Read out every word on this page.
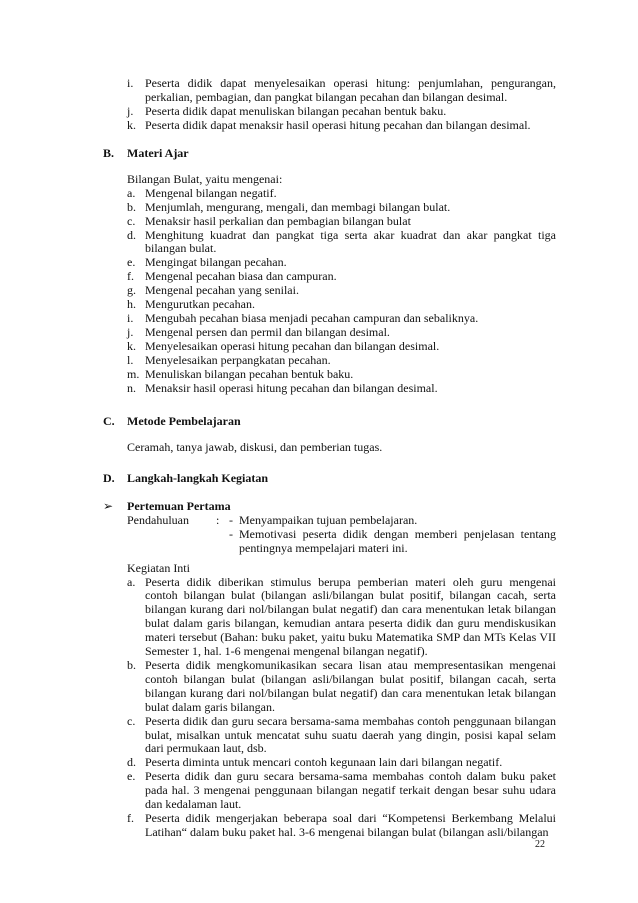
i. Peserta didik dapat menyelesaikan operasi hitung: penjumlahan, pengurangan, perkalian, pembagian, dan pangkat bilangan pecahan dan bilangan desimal.
j. Peserta didik dapat menuliskan bilangan pecahan bentuk baku.
k. Peserta didik dapat menaksir hasil operasi hitung pecahan dan bilangan desimal.
B. Materi Ajar
Bilangan Bulat, yaitu mengenai:
a. Mengenal bilangan negatif.
b. Menjumlah, mengurang, mengali, dan membagi bilangan bulat.
c. Menaksir hasil perkalian dan pembagian bilangan bulat
d. Menghitung kuadrat dan pangkat tiga serta akar kuadrat dan akar pangkat tiga bilangan bulat.
e. Mengingat bilangan pecahan.
f. Mengenal pecahan biasa dan campuran.
g. Mengenal pecahan yang senilai.
h. Mengurutkan pecahan.
i. Mengubah pecahan biasa menjadi pecahan campuran dan sebaliknya.
j. Mengenal persen dan permil dan bilangan desimal.
k. Menyelesaikan operasi hitung pecahan dan bilangan desimal.
l. Menyelesaikan perpangkatan pecahan.
m. Menuliskan bilangan pecahan bentuk baku.
n. Menaksir hasil operasi hitung pecahan dan bilangan desimal.
C. Metode Pembelajaran
Ceramah, tanya jawab, diskusi, dan pemberian tugas.
D. Langkah-langkah Kegiatan
➢ Pertemuan Pertama
Pendahuluan : - Menyampaikan tujuan pembelajaran.
- Memotivasi peserta didik dengan memberi penjelasan tentang pentingnya mempelajari materi ini.
Kegiatan Inti
a. Peserta didik diberikan stimulus berupa pemberian materi oleh guru mengenai contoh bilangan bulat (bilangan asli/bilangan bulat positif, bilangan cacah, serta bilangan kurang dari nol/bilangan bulat negatif) dan cara menentukan letak bilangan bulat dalam garis bilangan, kemudian antara peserta didik dan guru mendiskusikan materi tersebut (Bahan: buku paket, yaitu buku Matematika SMP dan MTs Kelas VII Semester 1, hal. 1-6 mengenai mengenal bilangan negatif).
b. Peserta didik mengkomunikasikan secara lisan atau mempresentasikan mengenai contoh bilangan bulat (bilangan asli/bilangan bulat positif, bilangan cacah, serta bilangan kurang dari nol/bilangan bulat negatif) dan cara menentukan letak bilangan bulat dalam garis bilangan.
c. Peserta didik dan guru secara bersama-sama membahas contoh penggunaan bilangan bulat, misalkan untuk mencatat suhu suatu daerah yang dingin, posisi kapal selam dari permukaan laut, dsb.
d. Peserta diminta untuk mencari contoh kegunaan lain dari bilangan negatif.
e. Peserta didik dan guru secara bersama-sama membahas contoh dalam buku paket pada hal. 3 mengenai penggunaan bilangan negatif terkait dengan besar suhu udara dan kedalaman laut.
f. Peserta didik mengerjakan beberapa soal dari “Kompetensi Berkembang Melalui Latihan“ dalam buku paket hal. 3-6 mengenai bilangan bulat (bilangan asli/bilangan
22
